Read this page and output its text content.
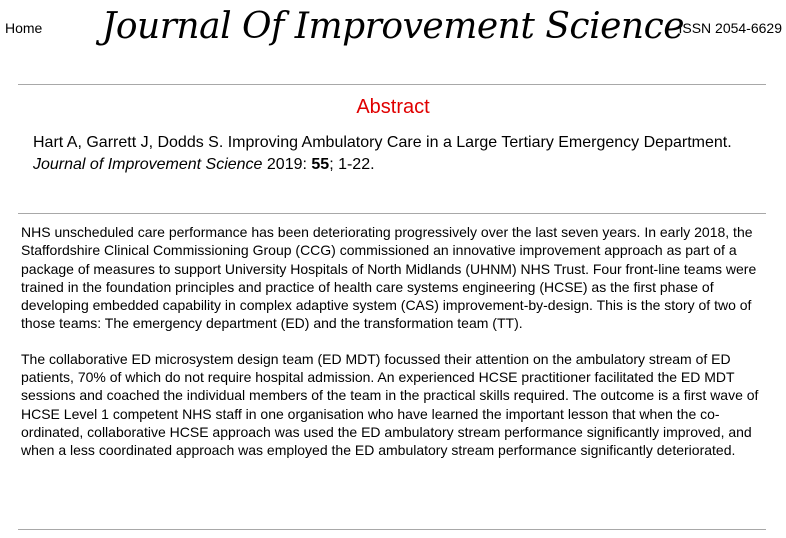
Home	Journal Of Improvement Science
ISSN 2054-6629
Abstract
Hart A, Garrett J, Dodds S. Improving Ambulatory Care in a Large Tertiary Emergency Department.
Journal of Improvement Science 2019: 55; 1-22.

NHS unscheduled care performance has been deteriorating progressively over the last seven years. In early 2018, the Staffordshire Clinical Commissioning Group (CCG) commissioned an innovative improvement approach as part of a package of measures to support University Hospitals of North Midlands (UHNM) NHS Trust. Four front-line teams were trained in the foundation principles and practice of health care systems engineering (HCSE) as the first phase of developing embedded capability in complex adaptive system (CAS) improvement-by-design. This is the story of two of those teams: The emergency department (ED) and the transformation team (TT).

The collaborative ED microsystem design team (ED MDT) focussed their attention on the ambulatory stream of ED patients, 70% of which do not require hospital admission. An experienced HCSE practitioner facilitated the ED MDT sessions and coached the individual members of the team in the practical skills required. The outcome is a first wave of HCSE Level 1 competent NHS staff in one organisation who have learned the important lesson that when the co-ordinated, collaborative HCSE approach was used the ED ambulatory stream performance significantly improved, and when a less coordinated approach was employed the ED ambulatory stream performance significantly deteriorated.
